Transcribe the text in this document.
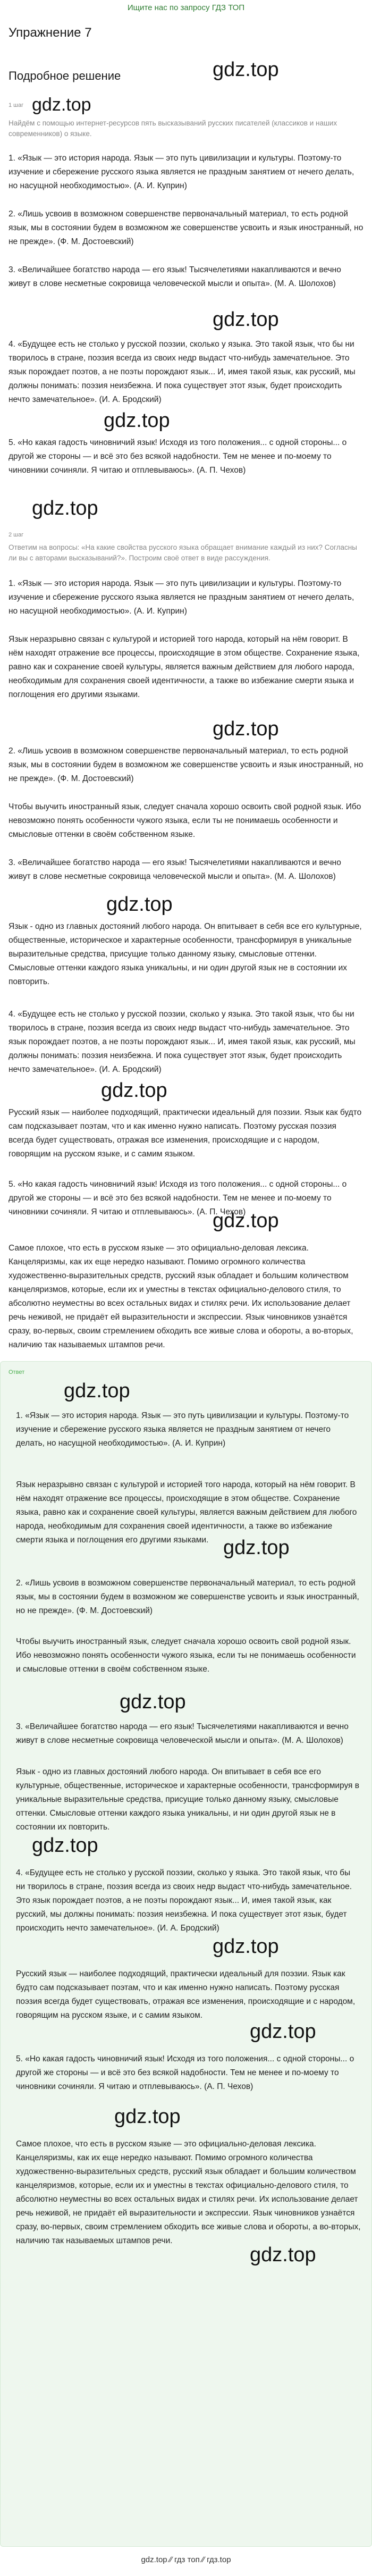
Ищите нас по запросу ГДЗ ТОП
Упражнение 7
gdz.top
Подробное решение
1 шаг gdz.top
Найдём с помощью интернет-ресурсов пять высказываний русских писателей (классиков и наших современников) о языке.
1. «Язык — это история народа. Язык — это путь цивилизации и культуры. Поэтому-то изучение и сбережение русского языка является не праздным занятием от нечего делать, но насущной необходимостью». (А. И. Куприн)
2. «Лишь усвоив в возможном совершенстве первоначальный материал, то есть родной язык, мы в состоянии будем в возможном же совершенстве усвоить и язык иностранный, но не прежде». (Ф. М. Достоевский)
3. «Величайшее богатство народа — его язык! Тысячелетиями накапливаются и вечно живут в слове несметные сокровища человеческой мысли и опыта». (М. А. Шолохов)
gdz.top
4. «Будущее есть не столько у русской поэзии, сколько у языка. Это такой язык, что бы ни творилось в стране, поэзия всегда из своих недр выдаст что-нибудь замечательное. Это язык порождает поэтов, а не поэты порождают язык... И, имея такой язык, как русский, мы должны понимать: поэзия неизбежна. И пока существует этот язык, будет происходить нечто замечательное». (И. А. Бродский)
gdz.top
5. «Но какая гадость чиновничий язык! Исходя из того положения... с одной стороны... о другой же стороны — и всё это без всякой надобности. Тем не менее и по-моему то чиновники сочиняли. Я читаю и отплевываюсь». (А. П. Чехов)
gdz.top
2 шаг
Ответим на вопросы: «На какие свойства русского языка обращает внимание каждый из них? Согласны ли вы с авторами высказываний?». Построим своё ответ в виде рассуждения.
1. «Язык — это история народа. Язык — это путь цивилизации и культуры. Поэтому-то изучение и сбережение русского языка является не праздным занятием от нечего делать, но насущной необходимостью». (А. И. Куприн)
Язык неразрывно связан с культурой и историей того народа, который на нём говорит. В нём находят отражение все процессы, происходящие в этом обществе. Сохранение языка, равно как и сохранение своей культуры, является важным действием для любого народа, необходимым для сохранения своей идентичности, а также во избежание смерти языка и поглощения его другими языками.
gdz.top
2. «Лишь усвоив в возможном совершенстве первоначальный материал, то есть родной язык, мы в состоянии будем в возможном же совершенстве усвоить и язык иностранный, но не прежде». (Ф. М. Достоевский)
Чтобы выучить иностранный язык, следует сначала хорошо освоить свой родной язык. Ибо невозможно понять особенности чужого языка, если ты не понимаешь особенности и смысловые оттенки в своём собственном языке.
3. «Величайшее богатство народа — его язык! Тысячелетиями накапливаются и вечно живут в слове несметные сокровища человеческой мысли и опыта». (М. А. Шолохов)
gdz.top
Язык - одно из главных достояний любого народа. Он впитывает в себя все его культурные, общественные, историческое и характерные особенности, трансформируя в уникальные выразительные средства, присущие только данному языку, смысловые оттенки. Смысловые оттенки каждого языка уникальны, и ни один другой язык не в состоянии их повторить.
4. «Будущее есть не столько у русской поэзии, сколько у языка. Это такой язык, что бы ни творилось в стране, поэзия всегда из своих недр выдаст что-нибудь замечательное. Это язык порождает поэтов, а не поэты порождают язык... И, имея такой язык, как русский, мы должны понимать: поэзия неизбежна. И пока существует этот язык, будет происходить нечто замечательное». (И. А. Бродский)
gdz.top
Русский язык — наиболее подходящий, практически идеальный для поэзии. Язык как будто сам подсказывает поэтам, что и как именно нужно написать. Поэтому русская поэзия всегда будет существовать, отражая все изменения, происходящие и с народом, говорящим на русском языке, и с самим языком.
5. «Но какая гадость чиновничий язык! Исходя из того положения... с одной стороны... о другой же стороны — и всё это без всякой надобности. Тем не менее и по-моему то чиновники сочиняли. Я читаю и отплевываюсь». (А. П. Чехов)
gdz.top
Самое плохое, что есть в русском языке — это официально-деловая лексика. Канцеляризмы, как их еще нередко называют. Помимо огромного количества художественно-выразительных средств, русский язык обладает и большим количеством канцеляризмов, которые, если их и уместны в текстах официально-делового стиля, то абсолютно неуместны во всех остальных видах и стилях речи. Их использование делает речь неживой, не придаёт ей выразительности и экспрессии. Язык чиновников узнаётся сразу, во-первых, своим стремлением обходить все живые слова и обороты, а во-вторых, наличию так называемых штампов речи.
Ответ
gdz.top
1. «Язык — это история народа. Язык — это путь цивилизации и культуры. Поэтому-то изучение и сбережение русского языка является не праздным занятием от нечего делать, но насущной необходимостью». (А. И. Куприн)
Язык неразрывно связан с культурой и историей того народа, который на нём говорит. В нём находят отражение все процессы, происходящие в этом обществе. Сохранение языка, равно как и сохранение своей культуры, является важным действием для любого народа, необходимым для сохранения своей идентичности, а также во избежание смерти языка и поглощения его другими языками. gdz.top
2. «Лишь усвоив в возможном совершенстве первоначальный материал, то есть родной язык, мы в состоянии будем в возможном же совершенстве усвоить и язык иностранный, но не прежде». (Ф. М. Достоевский)
Чтобы выучить иностранный язык, следует сначала хорошо освоить свой родной язык. Ибо невозможно понять особенности чужого языка, если ты не понимаешь особенности и смысловые оттенки в своём собственном языке.
gdz.top
3. «Величайшее богатство народа — его язык! Тысячелетиями накапливаются и вечно живут в слове несметные сокровища человеческой мысли и опыта». (М. А. Шолохов)
Язык - одно из главных достояний любого народа. Он впитывает в себя все его культурные, общественные, историческое и характерные особенности, трансформируя в уникальные выразительные средства, присущие только данному языку, смысловые оттенки. Смысловые оттенки каждого языка уникальны, и ни один другой язык не в состоянии их повторить.
gdz.top
4. «Будущее есть не столько у русской поэзии, сколько у языка. Это такой язык, что бы ни творилось в стране, поэзия всегда из своих недр выдаст что-нибудь замечательное. Это язык порождает поэтов, а не поэты порождают язык... И, имея такой язык, как русский, мы должны понимать: поэзия неизбежна. И пока существует этот язык, будет происходить нечто замечательное». (И. А. Бродский)
gdz.top
Русский язык — наиболее подходящий, практически идеальный для поэзии. Язык как будто сам подсказывает поэтам, что и как именно нужно написать. Поэтому русская поэзия всегда будет существовать, отражая все изменения, происходящие и с народом, говорящим на русском языке, и с самим языком.
gdz.top
5. «Но какая гадость чиновничий язык! Исходя из того положения... с одной стороны... о другой же стороны — и всё это без всякой надобности. Тем не менее и по-моему то чиновники сочиняли. Я читаю и отплевываюсь». (А. П. Чехов)
gdz.top
Самое плохое, что есть в русском языке — это официально-деловая лексика. Канцеляризмы, как их еще нередко называют. Помимо огромного количества художественно-выразительных средств, русский язык обладает и большим количеством канцеляризмов, которые, если их и уместны в текстах официально-делового стиля, то абсолютно неуместны во всех остальных видах и стилях речи. Их использование делает речь неживой, не придаёт ей выразительности и экспрессии. Язык чиновников узнаётся сразу, во-первых, своим стремлением обходить все живые слова и обороты, а во-вторых, наличию так называемых штампов речи.
gdz.top
gdz.top ∕∕ гдз топ ∕∕ гдз.top
